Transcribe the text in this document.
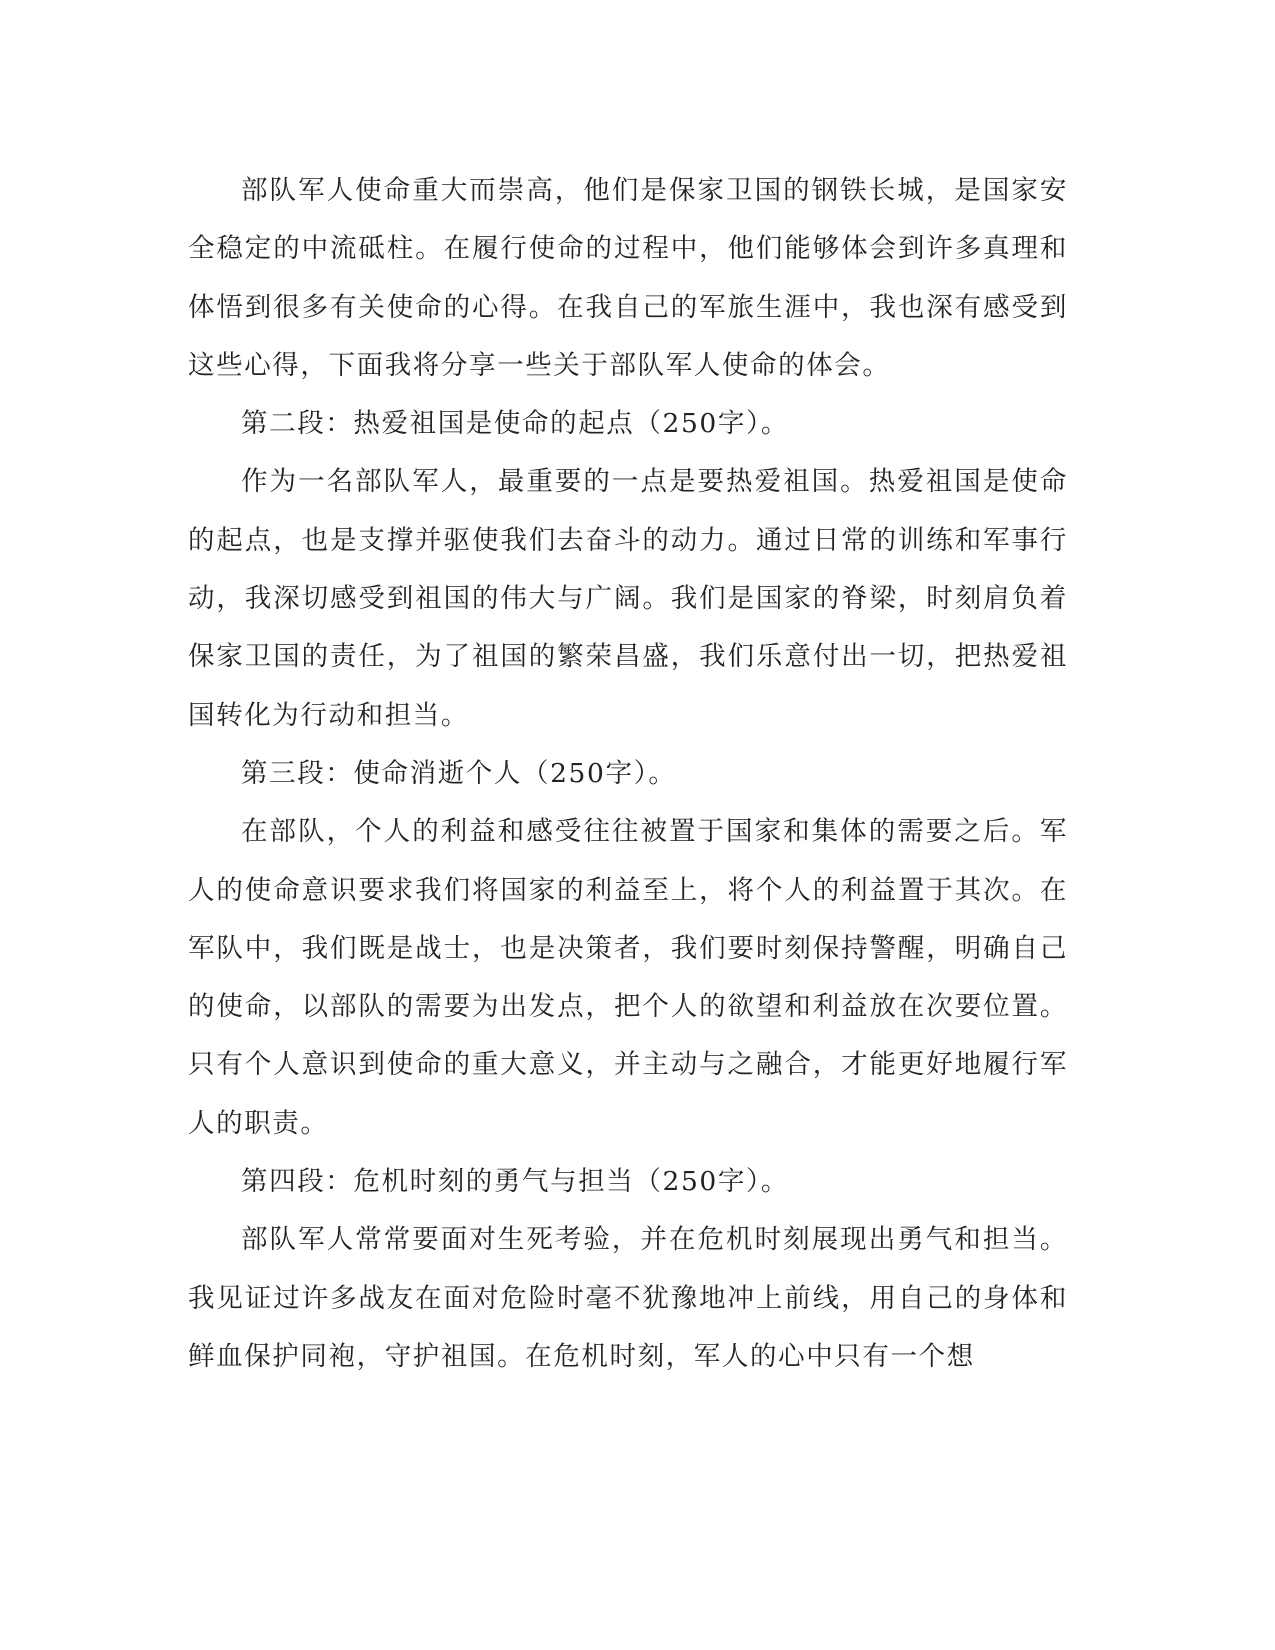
部队军人使命重大而崇高，他们是保家卫国的钢铁长城，是国家安全稳定的中流砥柱。在履行使命的过程中，他们能够体会到许多真理和体悟到很多有关使命的心得。在我自己的军旅生涯中，我也深有感受到这些心得，下面我将分享一些关于部队军人使命的体会。

第二段：热爱祖国是使命的起点（250字）。

作为一名部队军人，最重要的一点是要热爱祖国。热爱祖国是使命的起点，也是支撑并驱使我们去奋斗的动力。通过日常的训练和军事行动，我深切感受到祖国的伟大与广阔。我们是国家的脊梁，时刻肩负着保家卫国的责任，为了祖国的繁荣昌盛，我们乐意付出一切，把热爱祖国转化为行动和担当。

第三段：使命消逝个人（250字）。

在部队，个人的利益和感受往往被置于国家和集体的需要之后。军人的使命意识要求我们将国家的利益至上，将个人的利益置于其次。在军队中，我们既是战士，也是决策者，我们要时刻保持警醒，明确自己的使命，以部队的需要为出发点，把个人的欲望和利益放在次要位置。只有个人意识到使命的重大意义，并主动与之融合，才能更好地履行军人的职责。

第四段：危机时刻的勇气与担当（250字）。

部队军人常常要面对生死考验，并在危机时刻展现出勇气和担当。我见证过许多战友在面对危险时毫不犹豫地冲上前线，用自己的身体和鲜血保护同袍，守护祖国。在危机时刻，军人的心中只有一个想
